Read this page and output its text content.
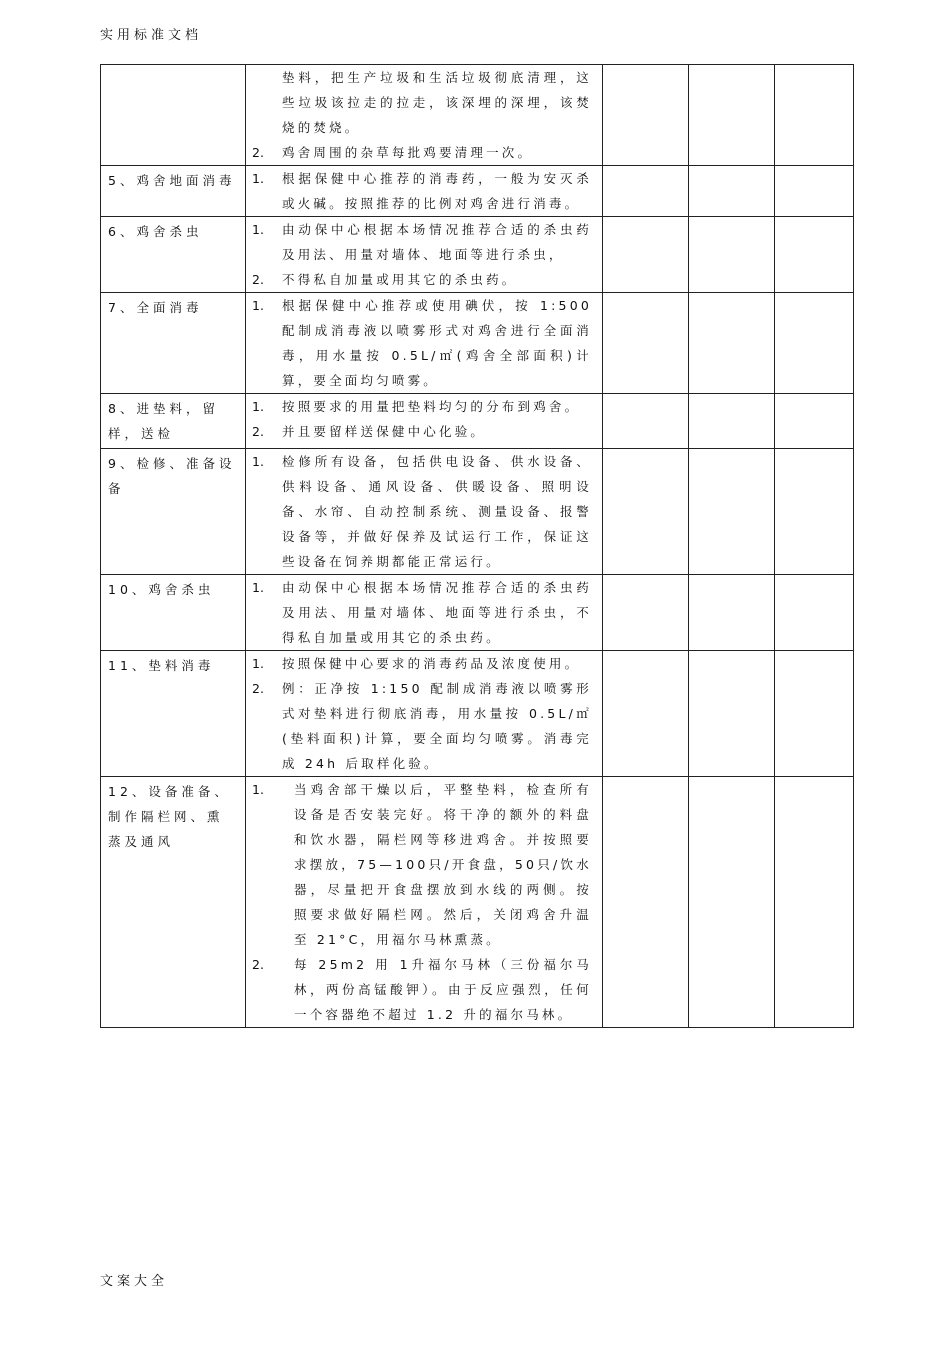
实用标准文档

	垫料，把生产垃圾和生活垃圾彻底清理，这些垃圾该拉走的拉走，该深埋的深埋，该焚烧的焚烧。
2. 鸡舍周围的杂草每批鸡要清理一次。			

5、鸡舍地面消毒	1. 根据保健中心推荐的消毒药，一般为安灭杀或火碱。按照推荐的比例对鸡舍进行消毒。			

6、鸡舍杀虫	1. 由动保中心根据本场情况推荐合适的杀虫药及用法、用量对墙体、地面等进行杀虫，
2. 不得私自加量或用其它的杀虫药。			

7、全面消毒	1. 根据保健中心推荐或使用碘伏，按 1:500 配制成消毒液以喷雾形式对鸡舍进行全面消毒，用水量按 0.5L/㎡(鸡舍全部面积)计算，要全面均匀喷雾。			

8、进垫料，留样，送检	1. 按照要求的用量把垫料均匀的分布到鸡舍。
2. 并且要留样送保健中心化验。			

9、检修、准备设备	1. 检修所有设备，包括供电设备、供水设备、供料设备、通风设备、供暖设备、照明设备、水帘、自动控制系统、测量设备、报警设备等，并做好保养及试运行工作，保证这些设备在饲养期都能正常运行。			

10、鸡舍杀虫	1. 由动保中心根据本场情况推荐合适的杀虫药及用法、用量对墙体、地面等进行杀虫，不得私自加量或用其它的杀虫药。			

11、垫料消毒	1. 按照保健中心要求的消毒药品及浓度使用。
2. 例：正净按 1:150 配制成消毒液以喷雾形式对垫料进行彻底消毒，用水量按 0.5L/㎡(垫料面积)计算，要全面均匀喷雾。消毒完成 24h 后取样化验。			

12、设备准备、制作隔栏网、熏蒸及通风	1. 当鸡舍部干燥以后，平整垫料，检查所有设备是否安装完好。将干净的额外的料盘和饮水器，隔栏网等移进鸡舍。并按照要求摆放，75—100只/开食盘，50只/饮水器，尽量把开食盘摆放到水线的两侧。按照要求做好隔栏网。然后，关闭鸡舍升温至 21°C，用福尔马林熏蒸。
2. 每 25m2 用 1升福尔马林（三份福尔马林，两份高锰酸钾）。由于反应强烈，任何一个容器绝不超过 1.2 升的福尔马林。			

文案大全
